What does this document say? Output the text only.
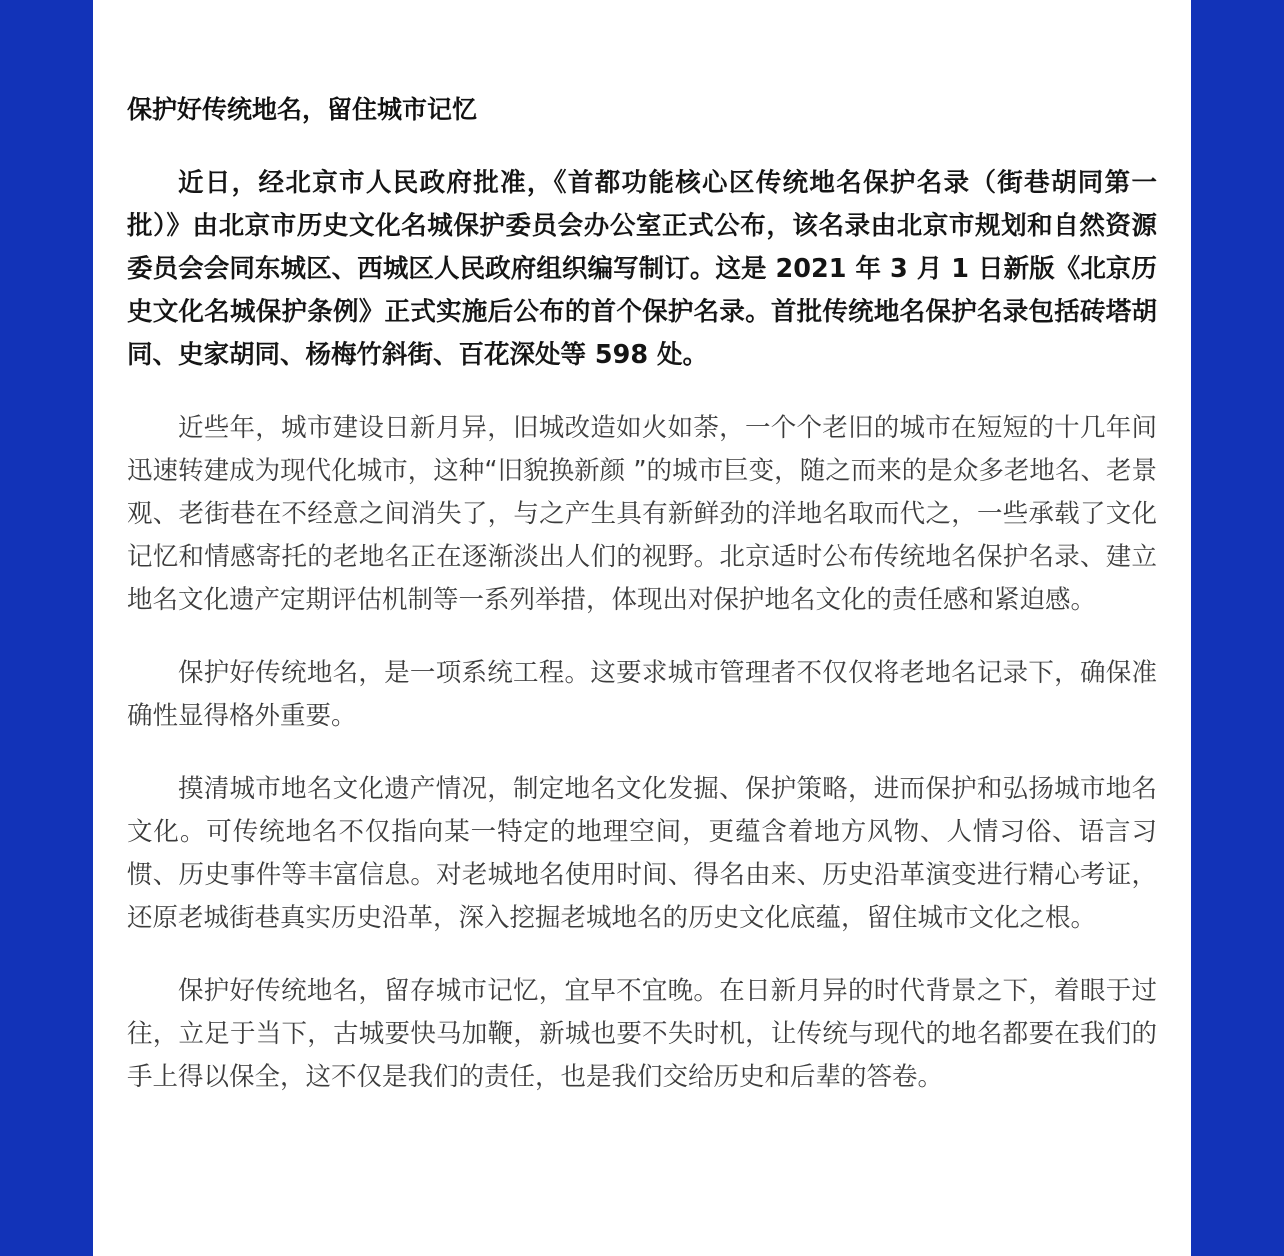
保护好传统地名，留住城市记忆

近日，经北京市人民政府批准，《首都功能核心区传统地名保护名录（街巷胡同第一批）》由北京市历史文化名城保护委员会办公室正式公布，该名录由北京市规划和自然资源委员会会同东城区、西城区人民政府组织编写制订。这是 2021 年 3 月 1 日新版《北京历史文化名城保护条例》正式实施后公布的首个保护名录。首批传统地名保护名录包括砖塔胡同、史家胡同、杨梅竹斜街、百花深处等 598 处。

近些年，城市建设日新月异，旧城改造如火如荼，一个个老旧的城市在短短的十几年间迅速转建成为现代化城市，这种“旧貌换新颜 ”的城市巨变，随之而来的是众多老地名、老景观、老街巷在不经意之间消失了，与之产生具有新鲜劲的洋地名取而代之，一些承载了文化记忆和情感寄托的老地名正在逐渐淡出人们的视野。北京适时公布传统地名保护名录、建立地名文化遗产定期评估机制等一系列举措，体现出对保护地名文化的责任感和紧迫感。

保护好传统地名，是一项系统工程。这要求城市管理者不仅仅将老地名记录下，确保准确性显得格外重要。

摸清城市地名文化遗产情况，制定地名文化发掘、保护策略，进而保护和弘扬城市地名文化。可传统地名不仅指向某一特定的地理空间，更蕴含着地方风物、人情习俗、语言习惯、历史事件等丰富信息。对老城地名使用时间、得名由来、历史沿革演变进行精心考证，还原老城街巷真实历史沿革，深入挖掘老城地名的历史文化底蕴，留住城市文化之根。

保护好传统地名，留存城市记忆，宜早不宜晚。在日新月异的时代背景之下，着眼于过往，立足于当下，古城要快马加鞭，新城也要不失时机，让传统与现代的地名都要在我们的手上得以保全，这不仅是我们的责任，也是我们交给历史和后辈的答卷。
